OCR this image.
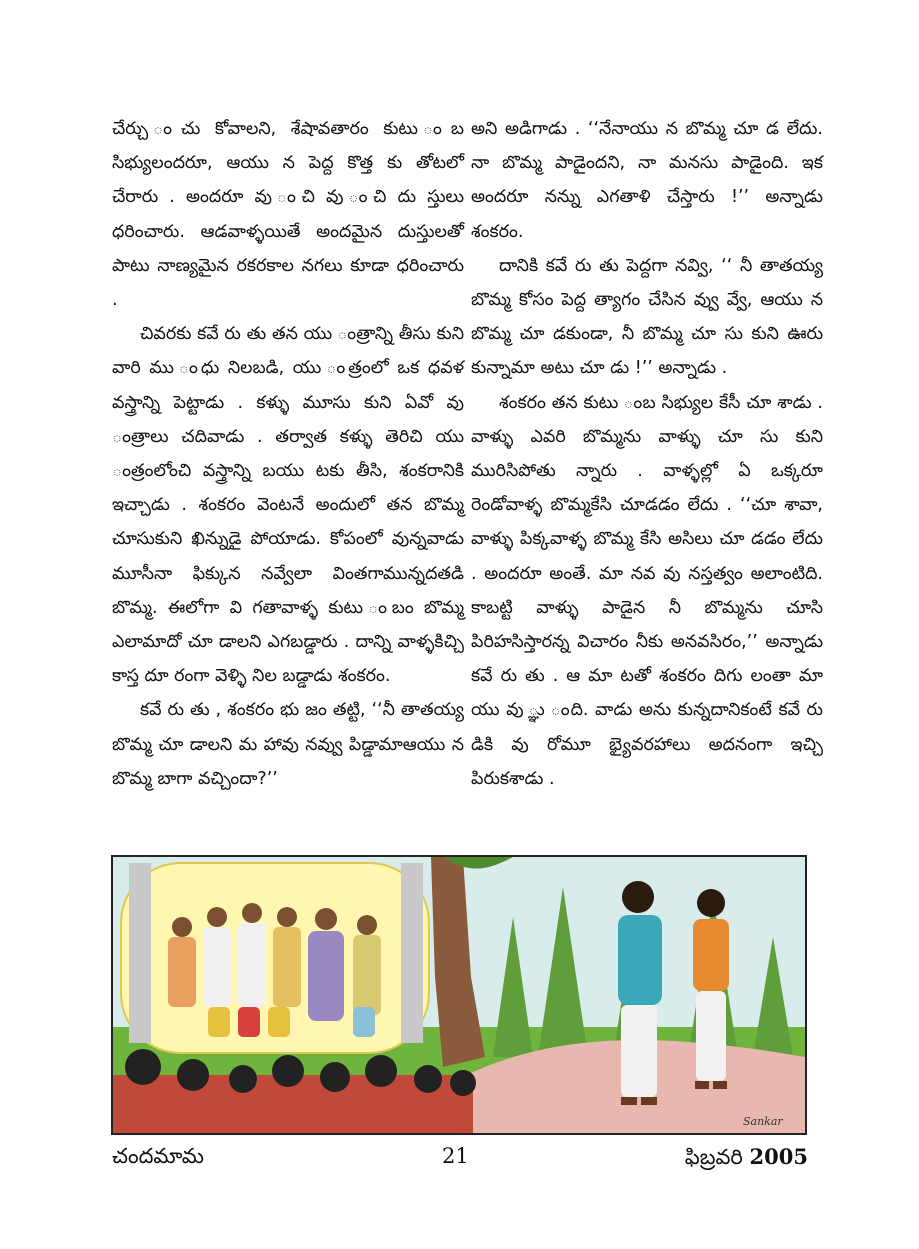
చేర్చు ంచు కోవాలని, శేషావతారం కుటు ంబ సిభ్యులందరూ, ఆయు న పెద్ద కొత్త కు తోటలో చేరారు . అందరూ వు ంచి వు ంచి దు స్తులు ధరించారు. ఆడవాళ్ళయితే అందమైన దుస్తులతో పాటు నాణ్యమైన రకరకాల నగలు కూడా ధరించారు .

చివరకు కవే రు తు తన యు ంత్రాన్ని తీసు కుని వారి ము ంధు నిలబడి, యు ంత్రంలో ఒక ధవళ వస్త్రాన్ని పెట్టాడు . కళ్ళు మూసు కుని ఏవో వు ంత్రాలు చదివాడు . తర్వాత కళ్ళు తెరిచి యు ంత్రంలోంచి వస్త్రాన్ని బయు టకు తీసి, శంకరానికి ఇచ్చాడు . శంకరం వెంటనే అందులో తన బొమ్మ చూసుకుని ఖిన్నుడై పోయాడు. కోపంలో వున్నవాడు మూసీనా ఫిక్కున నవ్వేలా వింతగామున్నదతడి బొమ్మ. ఈలోగా వి గతావాళ్ళ కుటు ంబం బొమ్మ ఎలామాదో చూ డాలని ఎగబడ్డారు . దాన్ని వాళ్ళకిచ్చి కాస్త దూ రంగా వెళ్ళి నిల బడ్డాడు శంకరం.

కవే రు తు , శంకరం భు జం తట్టి, ‘‘నీ తాతయ్య బొమ్మ చూ డాలని మ హావు నవ్వు పిడ్డామాఆయు న బొమ్మ బాగా వచ్చిందా?’’

అని అడిగాడు . ‘‘నేనాయు న బొమ్మ చూ డ లేదు. నా బొమ్మ పాడైందని, నా మనసు పాడైంది. ఇక అందరూ నన్ను ఎగతాళి చేస్తారు !’’ అన్నాడు శంకరం.

దానికి కవే రు తు పెద్దగా నవ్వి, ‘‘ నీ తాతయ్య బొమ్మ కోసం పెద్ద త్యాగం చేసిన వ్వు వ్వే, ఆయు న బొమ్మ చూ డకుండా, నీ బొమ్మ చూ సు కుని ఊరు కున్నామా అటు చూ డు !’’ అన్నాడు .

శంకరం తన కుటు ంబ సిభ్యుల కేసీ చూ శాడు . వాళ్ళు ఎవరి బొమ్మను వాళ్ళు చూ సు కుని మురిసిపోతు న్నారు . వాళ్ళల్లో ఏ ఒక్కరూ రెండోవాళ్ళ బొమ్మకేసి చూడడం లేదు . ‘‘చూ శావా, వాళ్ళు పిక్కవాళ్ళ బొమ్మ కేసి అసిలు చూ డడం లేదు . అందరూ అంతే. మా నవ వు నస్తత్వం అలాంటిది. కాబట్టి వాళ్ళు పాడైన నీ బొమ్మను చూసి పిరిహసిస్తారన్న విచారం నీకు అనవసిరం,’’ అన్నాడు కవే రు తు . ఆ మా టతో శంకరం దిగు లంతా మా యు వు ్ఞు ంది. వాడు అను కున్నదానికంటే కవే రు డికి వు రోమూ భ్యైవరహాలు అదనంగా ఇచ్చి పిరుకశాడు .

Sankar
చందమామ	21	ఫిబ్రవరి 2005
